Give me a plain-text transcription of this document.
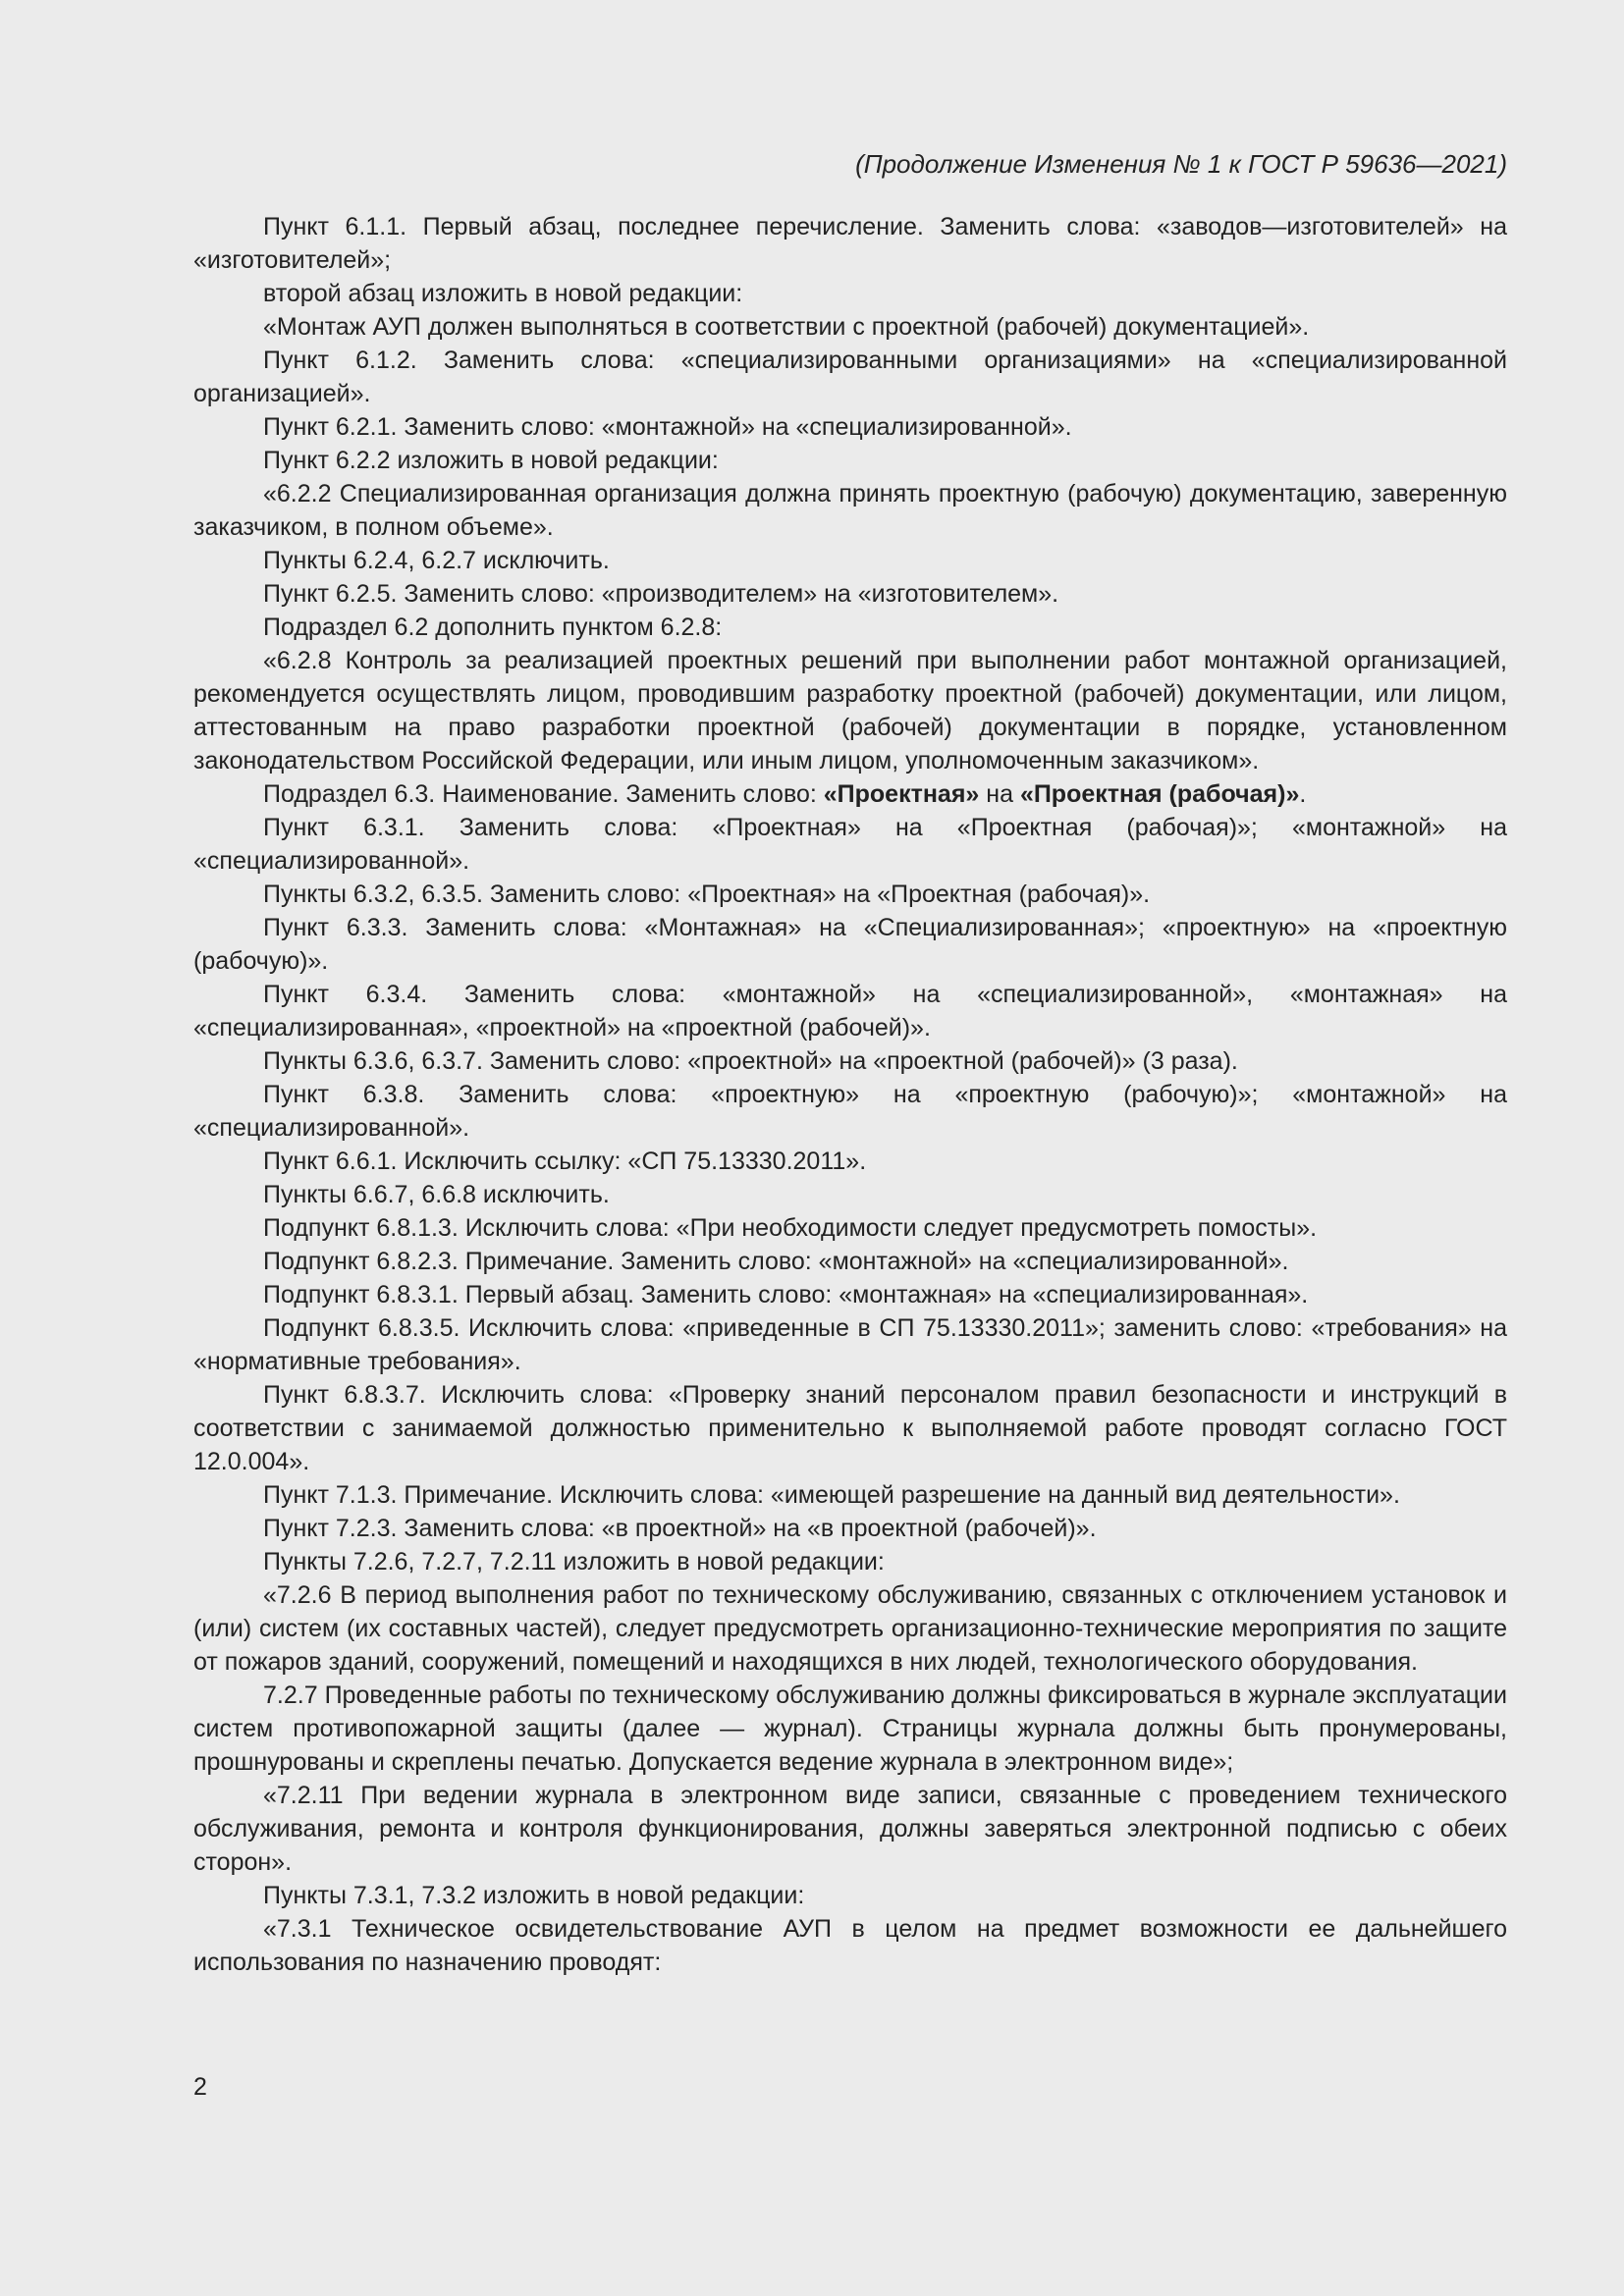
(Продолжение Изменения № 1 к ГОСТ Р 59636—2021)

Пункт 6.1.1. Первый абзац, последнее перечисление. Заменить слова: «заводов—изготовителей» на «изготовителей»;

второй абзац изложить в новой редакции:

«Монтаж АУП должен выполняться в соответствии с проектной (рабочей) документацией».

Пункт 6.1.2. Заменить слова: «специализированными организациями» на «специализированной организацией».

Пункт 6.2.1. Заменить слово: «монтажной» на «специализированной».

Пункт 6.2.2 изложить в новой редакции:

«6.2.2 Специализированная организация должна принять проектную (рабочую) документацию, заверенную заказчиком, в полном объеме».

Пункты 6.2.4, 6.2.7 исключить.

Пункт 6.2.5. Заменить слово: «производителем» на «изготовителем».

Подраздел 6.2 дополнить пунктом 6.2.8:

«6.2.8 Контроль за реализацией проектных решений при выполнении работ монтажной организацией, рекомендуется осуществлять лицом, проводившим разработку проектной (рабочей) документации, или лицом, аттестованным на право разработки проектной (рабочей) документации в порядке, установленном законодательством Российской Федерации, или иным лицом, уполномоченным заказчиком».

Подраздел 6.3. Наименование. Заменить слово: «Проектная» на «Проектная (рабочая)».

Пункт 6.3.1. Заменить слова: «Проектная» на «Проектная (рабочая)»; «монтажной» на «специализированной».

Пункты 6.3.2, 6.3.5. Заменить слово: «Проектная» на «Проектная (рабочая)».

Пункт 6.3.3. Заменить слова: «Монтажная» на «Специализированная»; «проектную» на «проектную (рабочую)».

Пункт 6.3.4. Заменить слова: «монтажной» на «специализированной», «монтажная» на «специализированная», «проектной» на «проектной (рабочей)».

Пункты 6.3.6, 6.3.7. Заменить слово: «проектной» на «проектной (рабочей)» (3 раза).

Пункт 6.3.8. Заменить слова: «проектную» на «проектную (рабочую)»; «монтажной» на «специализированной».

Пункт 6.6.1. Исключить ссылку: «СП 75.13330.2011».

Пункты 6.6.7, 6.6.8 исключить.

Подпункт 6.8.1.3. Исключить слова: «При необходимости следует предусмотреть помосты».

Подпункт 6.8.2.3. Примечание. Заменить слово: «монтажной» на «специализированной».

Подпункт 6.8.3.1. Первый абзац. Заменить слово: «монтажная» на «специализированная».

Подпункт 6.8.3.5. Исключить слова: «приведенные в СП 75.13330.2011»; заменить слово: «требования» на «нормативные требования».

Пункт 6.8.3.7. Исключить слова: «Проверку знаний персоналом правил безопасности и инструкций в соответствии с занимаемой должностью применительно к выполняемой работе проводят согласно ГОСТ 12.0.004».

Пункт 7.1.3. Примечание. Исключить слова: «имеющей разрешение на данный вид деятельности».

Пункт 7.2.3. Заменить слова: «в проектной» на «в проектной (рабочей)».

Пункты 7.2.6, 7.2.7, 7.2.11 изложить в новой редакции:

«7.2.6 В период выполнения работ по техническому обслуживанию, связанных с отключением установок и (или) систем (их составных частей), следует предусмотреть организационно-технические мероприятия по защите от пожаров зданий, сооружений, помещений и находящихся в них людей, технологического оборудования.

7.2.7 Проведенные работы по техническому обслуживанию должны фиксироваться в журнале эксплуатации систем противопожарной защиты (далее — журнал). Страницы журнала должны быть пронумерованы, прошнурованы и скреплены печатью. Допускается ведение журнала в электронном виде»;

«7.2.11 При ведении журнала в электронном виде записи, связанные с проведением технического обслуживания, ремонта и контроля функционирования, должны заверяться электронной подписью с обеих сторон».

Пункты 7.3.1, 7.3.2 изложить в новой редакции:

«7.3.1 Техническое освидетельствование АУП в целом на предмет возможности ее дальнейшего использования по назначению проводят:

2
